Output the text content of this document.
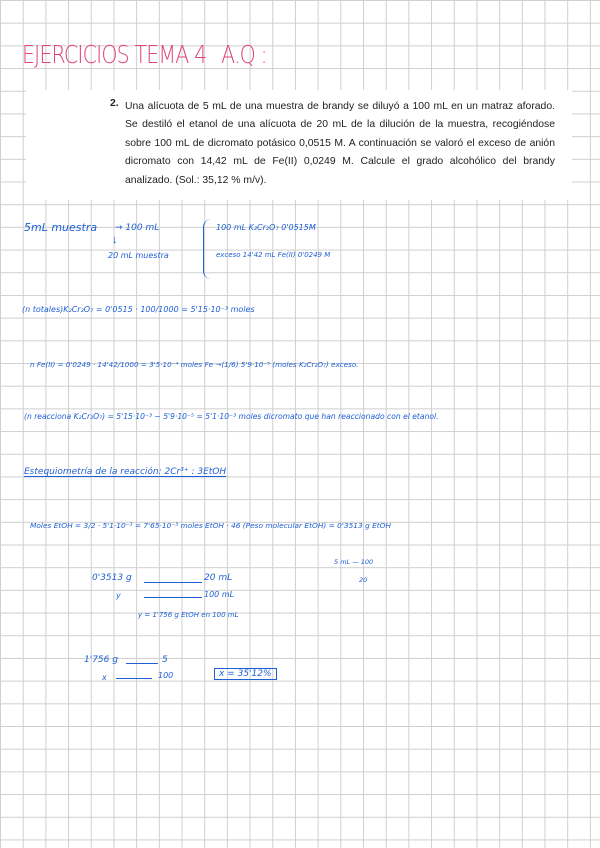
EJERCICIOS TEMA 4 A.Q :
2. Una alícuota de 5 mL de una muestra de brandy se diluyó a 100 mL en un matraz aforado. Se destiló el etanol de una alícuota de 20 mL de la dilución de la muestra, recogiéndose sobre 100 mL de dicromato potásico 0,0515 M. A continuación se valoró el exceso de anión dicromato con 14,42 mL de Fe(II) 0,0249 M. Calcule el grado alcohólico del brandy analizado. (Sol.: 35,12 % m/v).
5mL muestra → 100 mL
↓
20 mL muestra
100 mL K₂Cr₂O₇ 0'0515M
exceso 14'42 mL Fe(II) 0'0249 M
(n totales)K₂Cr₂O₇ = 0'0515 · 100/1000 = 5'15·10⁻³ moles
n Fe(II) = 0'0249 · 14'42/1000 = 3'5·10⁻⁴ moles Fe →(1/6) 5'9·10⁻⁵ (moles K₂Cr₂O₇) exceso.
(n reacciona K₂Cr₂O₇) = 5'15·10⁻³ − 5'9·10⁻⁵ = 5'1·10⁻³ moles dicromato que han reaccionado con el etanol.
Estequiometría de la reacción: 2Cr³⁺ : 3EtOH
Moles EtOH = 3/2 · 5'1·10⁻³ = 7'65·10⁻³ moles EtOH · 46 (Peso molecular EtOH) = 0'3513 g EtOH
5 mL — 100
20
0'3513 g	20 mL
y	100 mL
y = 1'756 g EtOH en 100 mL
1'756 g	5
x	100	x = 35'12%
